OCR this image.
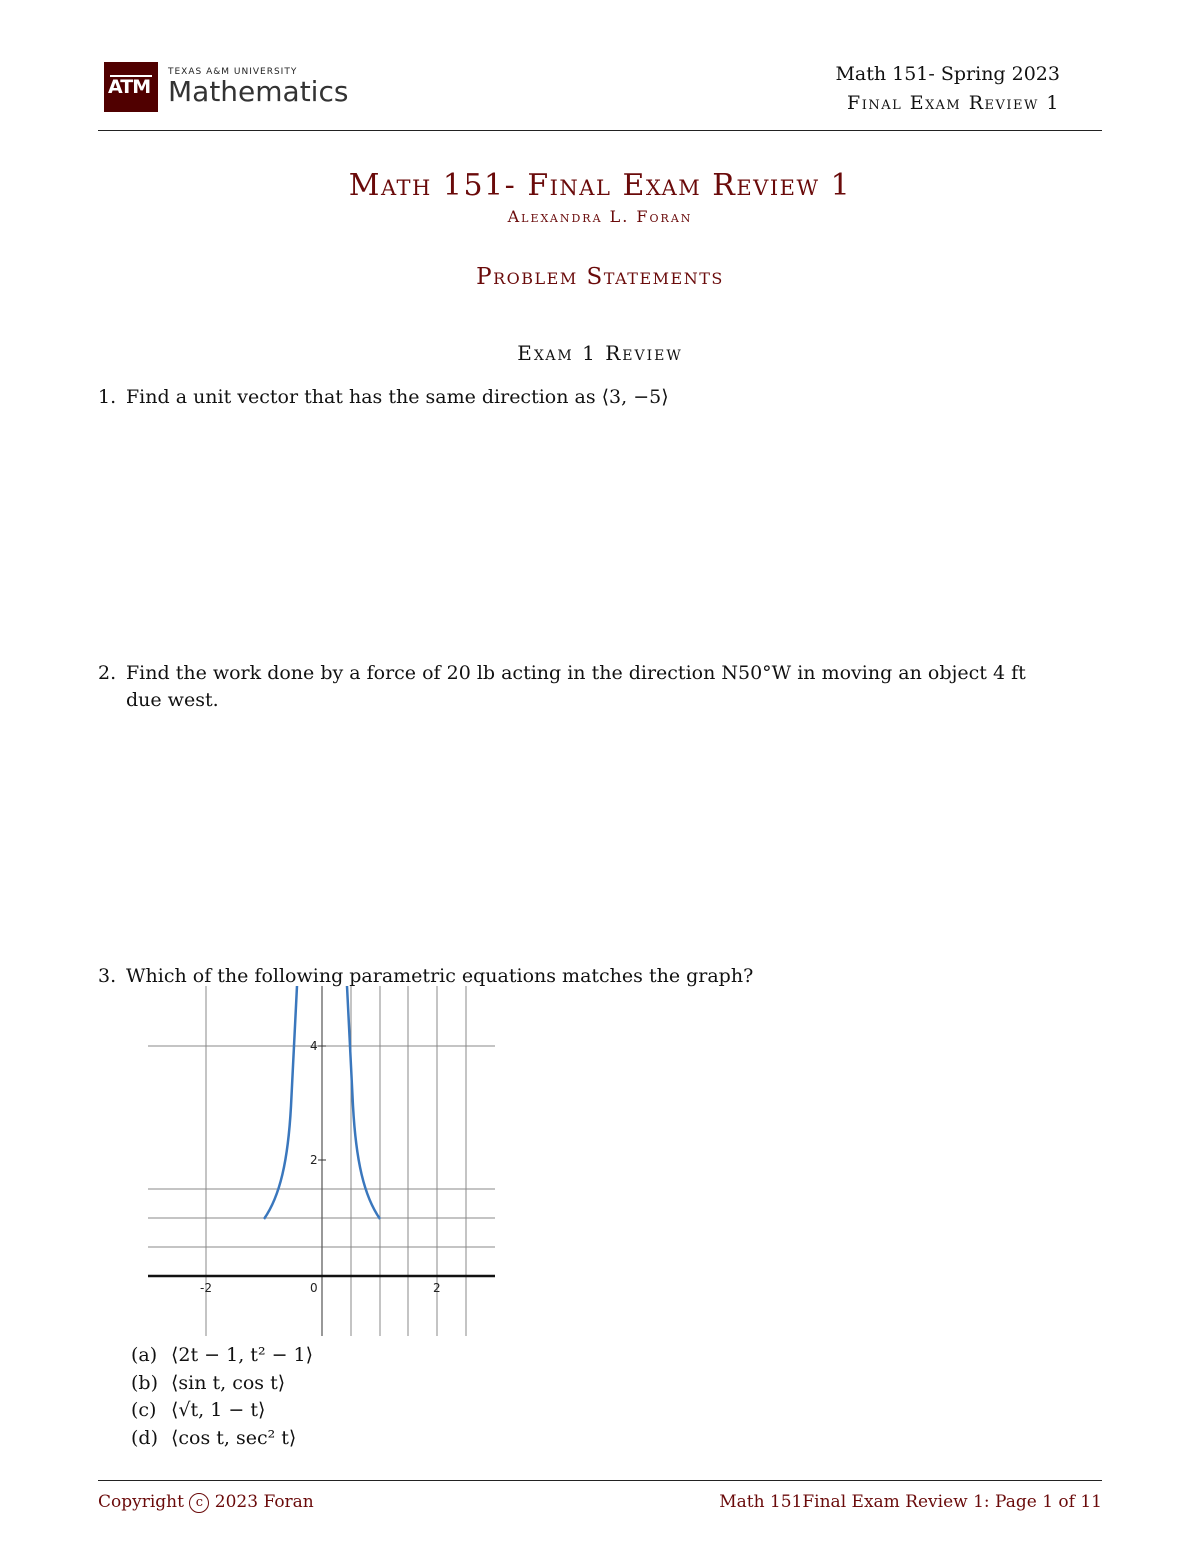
ATM
TEXAS A&M UNIVERSITY
Mathematics
Math 151- Spring 2023
Final Exam Review 1
Math 151- Final Exam Review 1
Alexandra L. Foran
Problem Statements
Exam 1 Review
1. Find a unit vector that has the same direction as ⟨3, −5⟩
2. Find the work done by a force of 20 lb acting in the direction N50°W in moving an object 4 ft
due west.
3. Which of the following parametric equations matches the graph?
-2	0	2
2
4
(a) ⟨2t − 1, t² − 1⟩
(b) ⟨sin t, cos t⟩
(c) ⟨√t, 1 − t⟩
(d) ⟨cos t, sec² t⟩
Copyright c 2023 Foran	Math 151Final Exam Review 1: Page 1 of 11
